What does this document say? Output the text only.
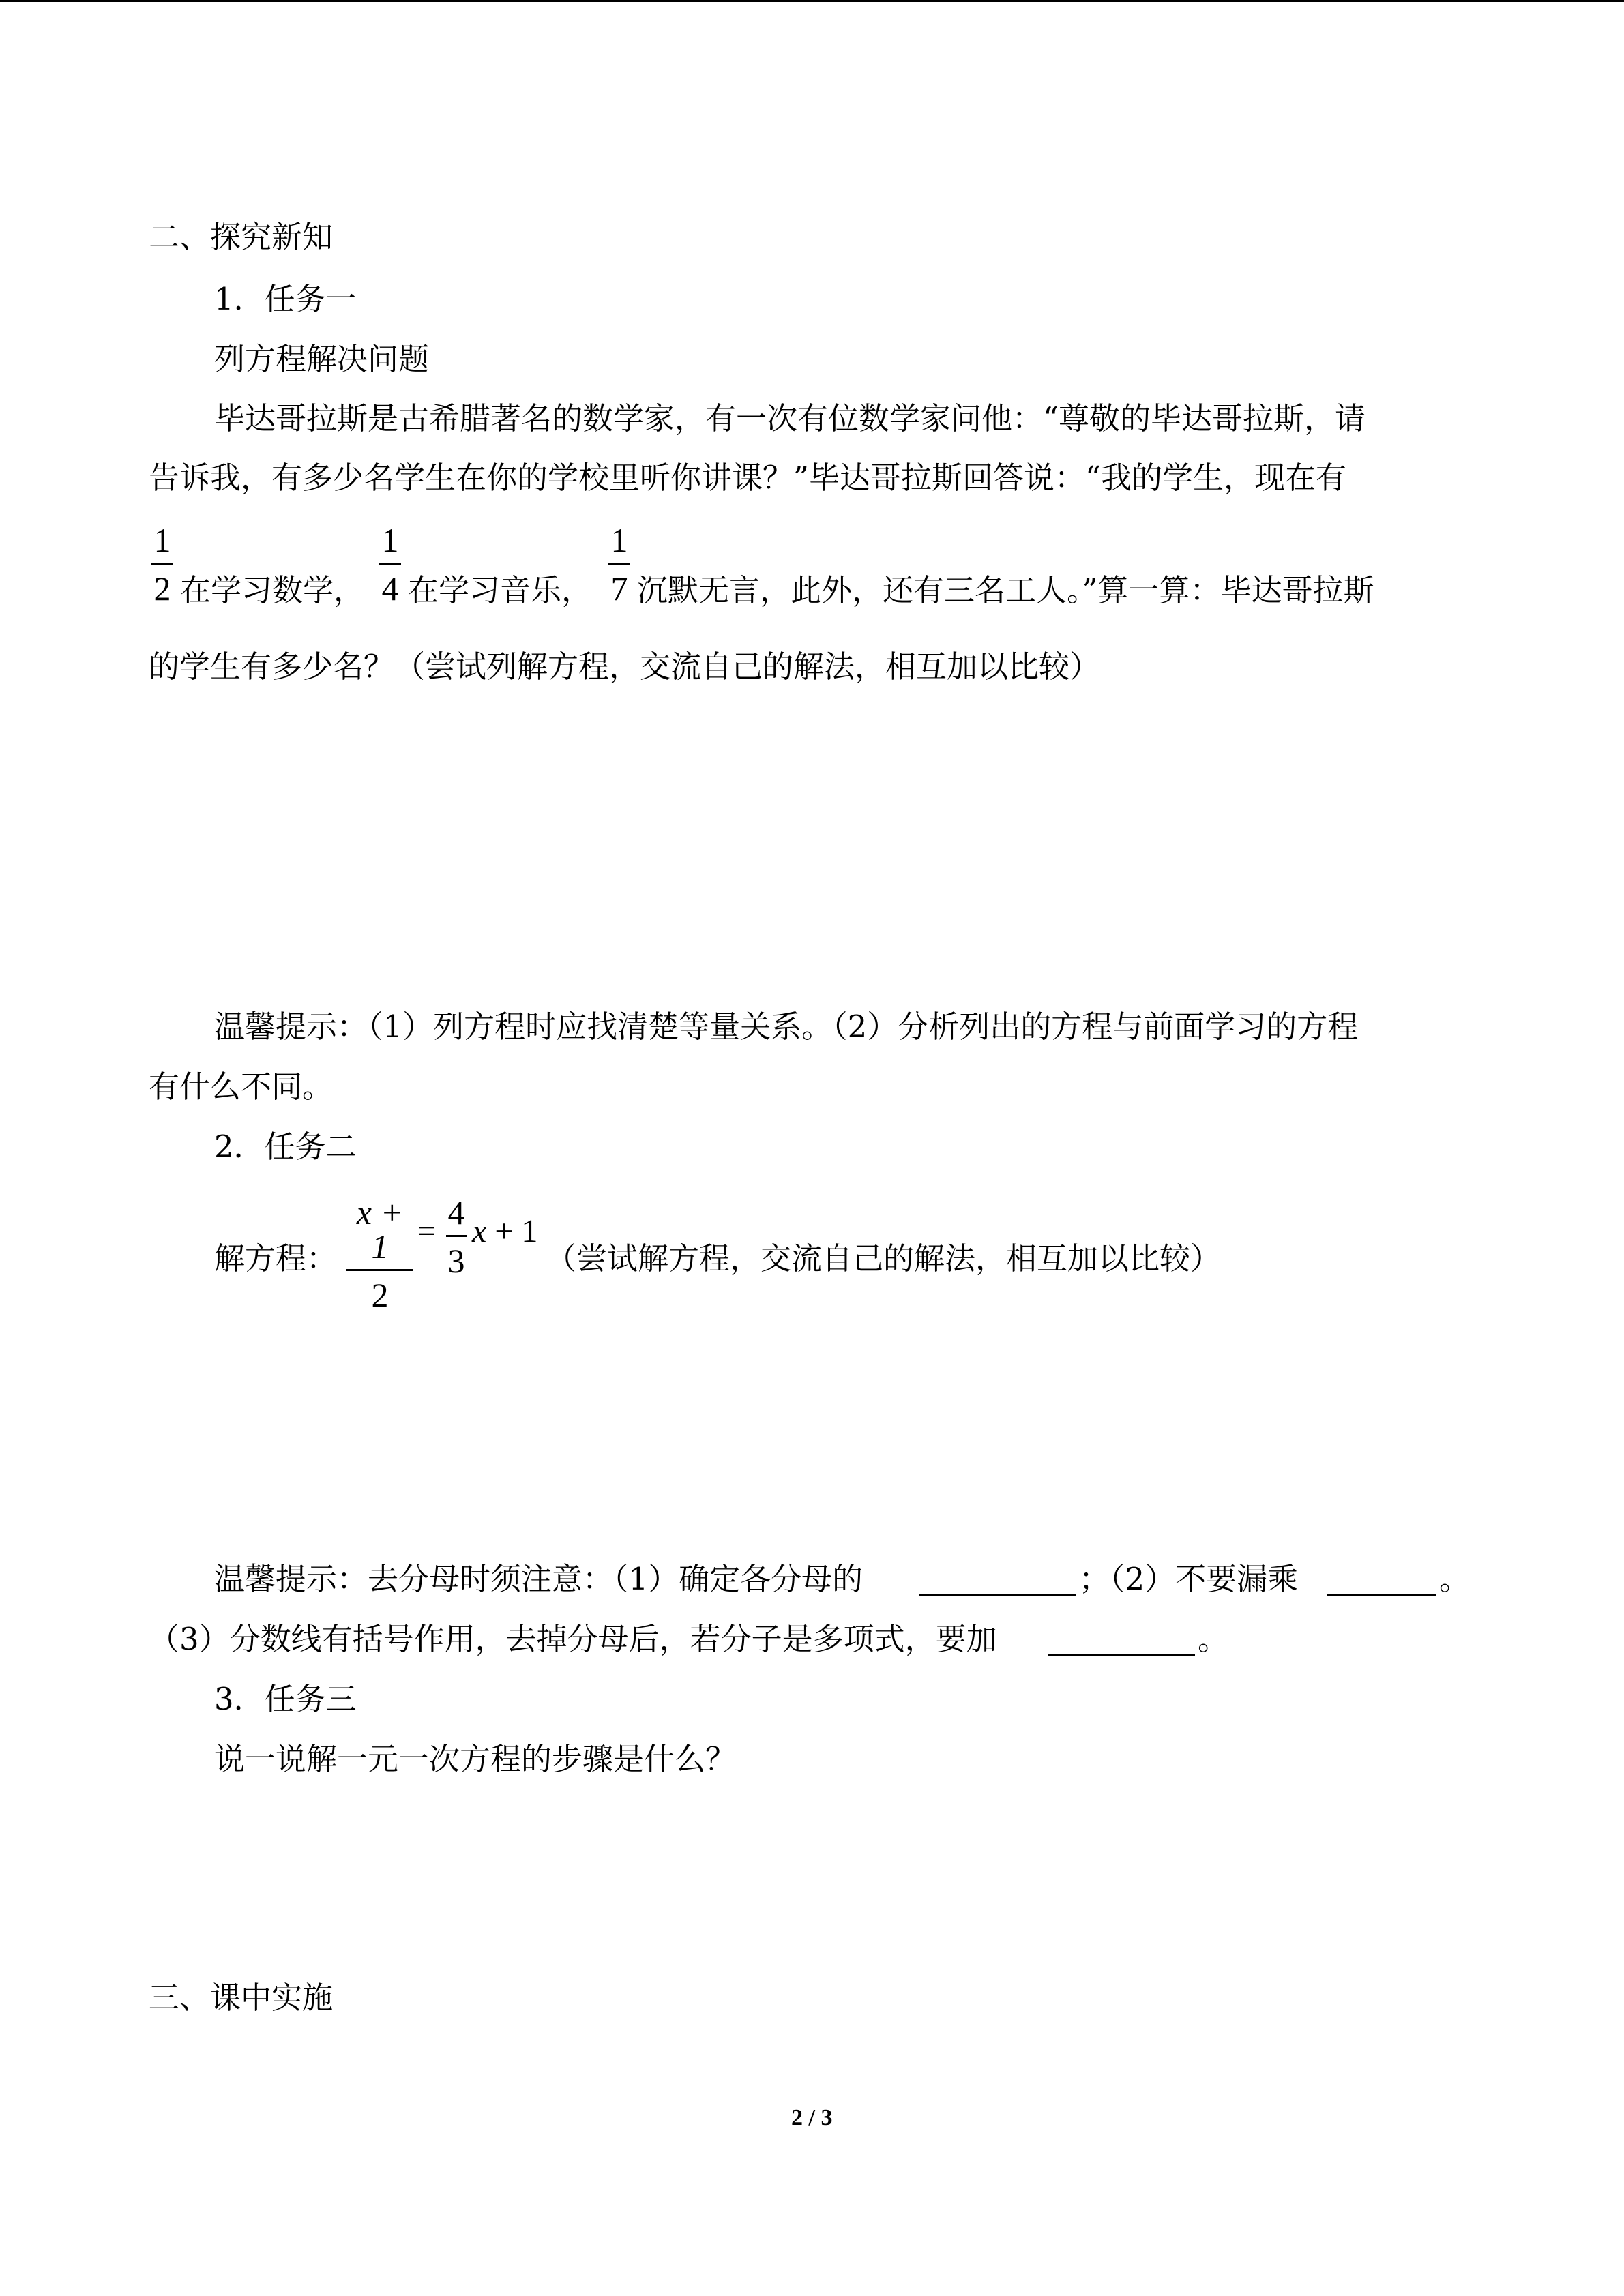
二、探究新知
1．任务一
列方程解决问题
毕达哥拉斯是古希腊著名的数学家，有一次有位数学家问他：“尊敬的毕达哥拉斯，请
告诉我，有多少名学生在你的学校里听你讲课？”毕达哥拉斯回答说：“我的学生，现在有
1
2 在学习数学，
1
4 在学习音乐，
1
7 沉默无言，此外，还有三名工人。”算一算：毕达哥拉斯
的学生有多少名？（尝试列解方程，交流自己的解法，相互加以比较）
温馨提示：（1）列方程时应找清楚等量关系。（2）分析列出的方程与前面学习的方程
有什么不同。
2．任务二
解方程：
x + 1
2
= 4
3
x + 1
（尝试解方程，交流自己的解法，相互加以比较）
温馨提示：去分母时须注意：（1）确定各分母的	；（2）不要漏乘	。
（3）分数线有括号作用，去掉分母后，若分子是多项式，要加	。
3．任务三
说一说解一元一次方程的步骤是什么？
三、课中实施
2 / 3
